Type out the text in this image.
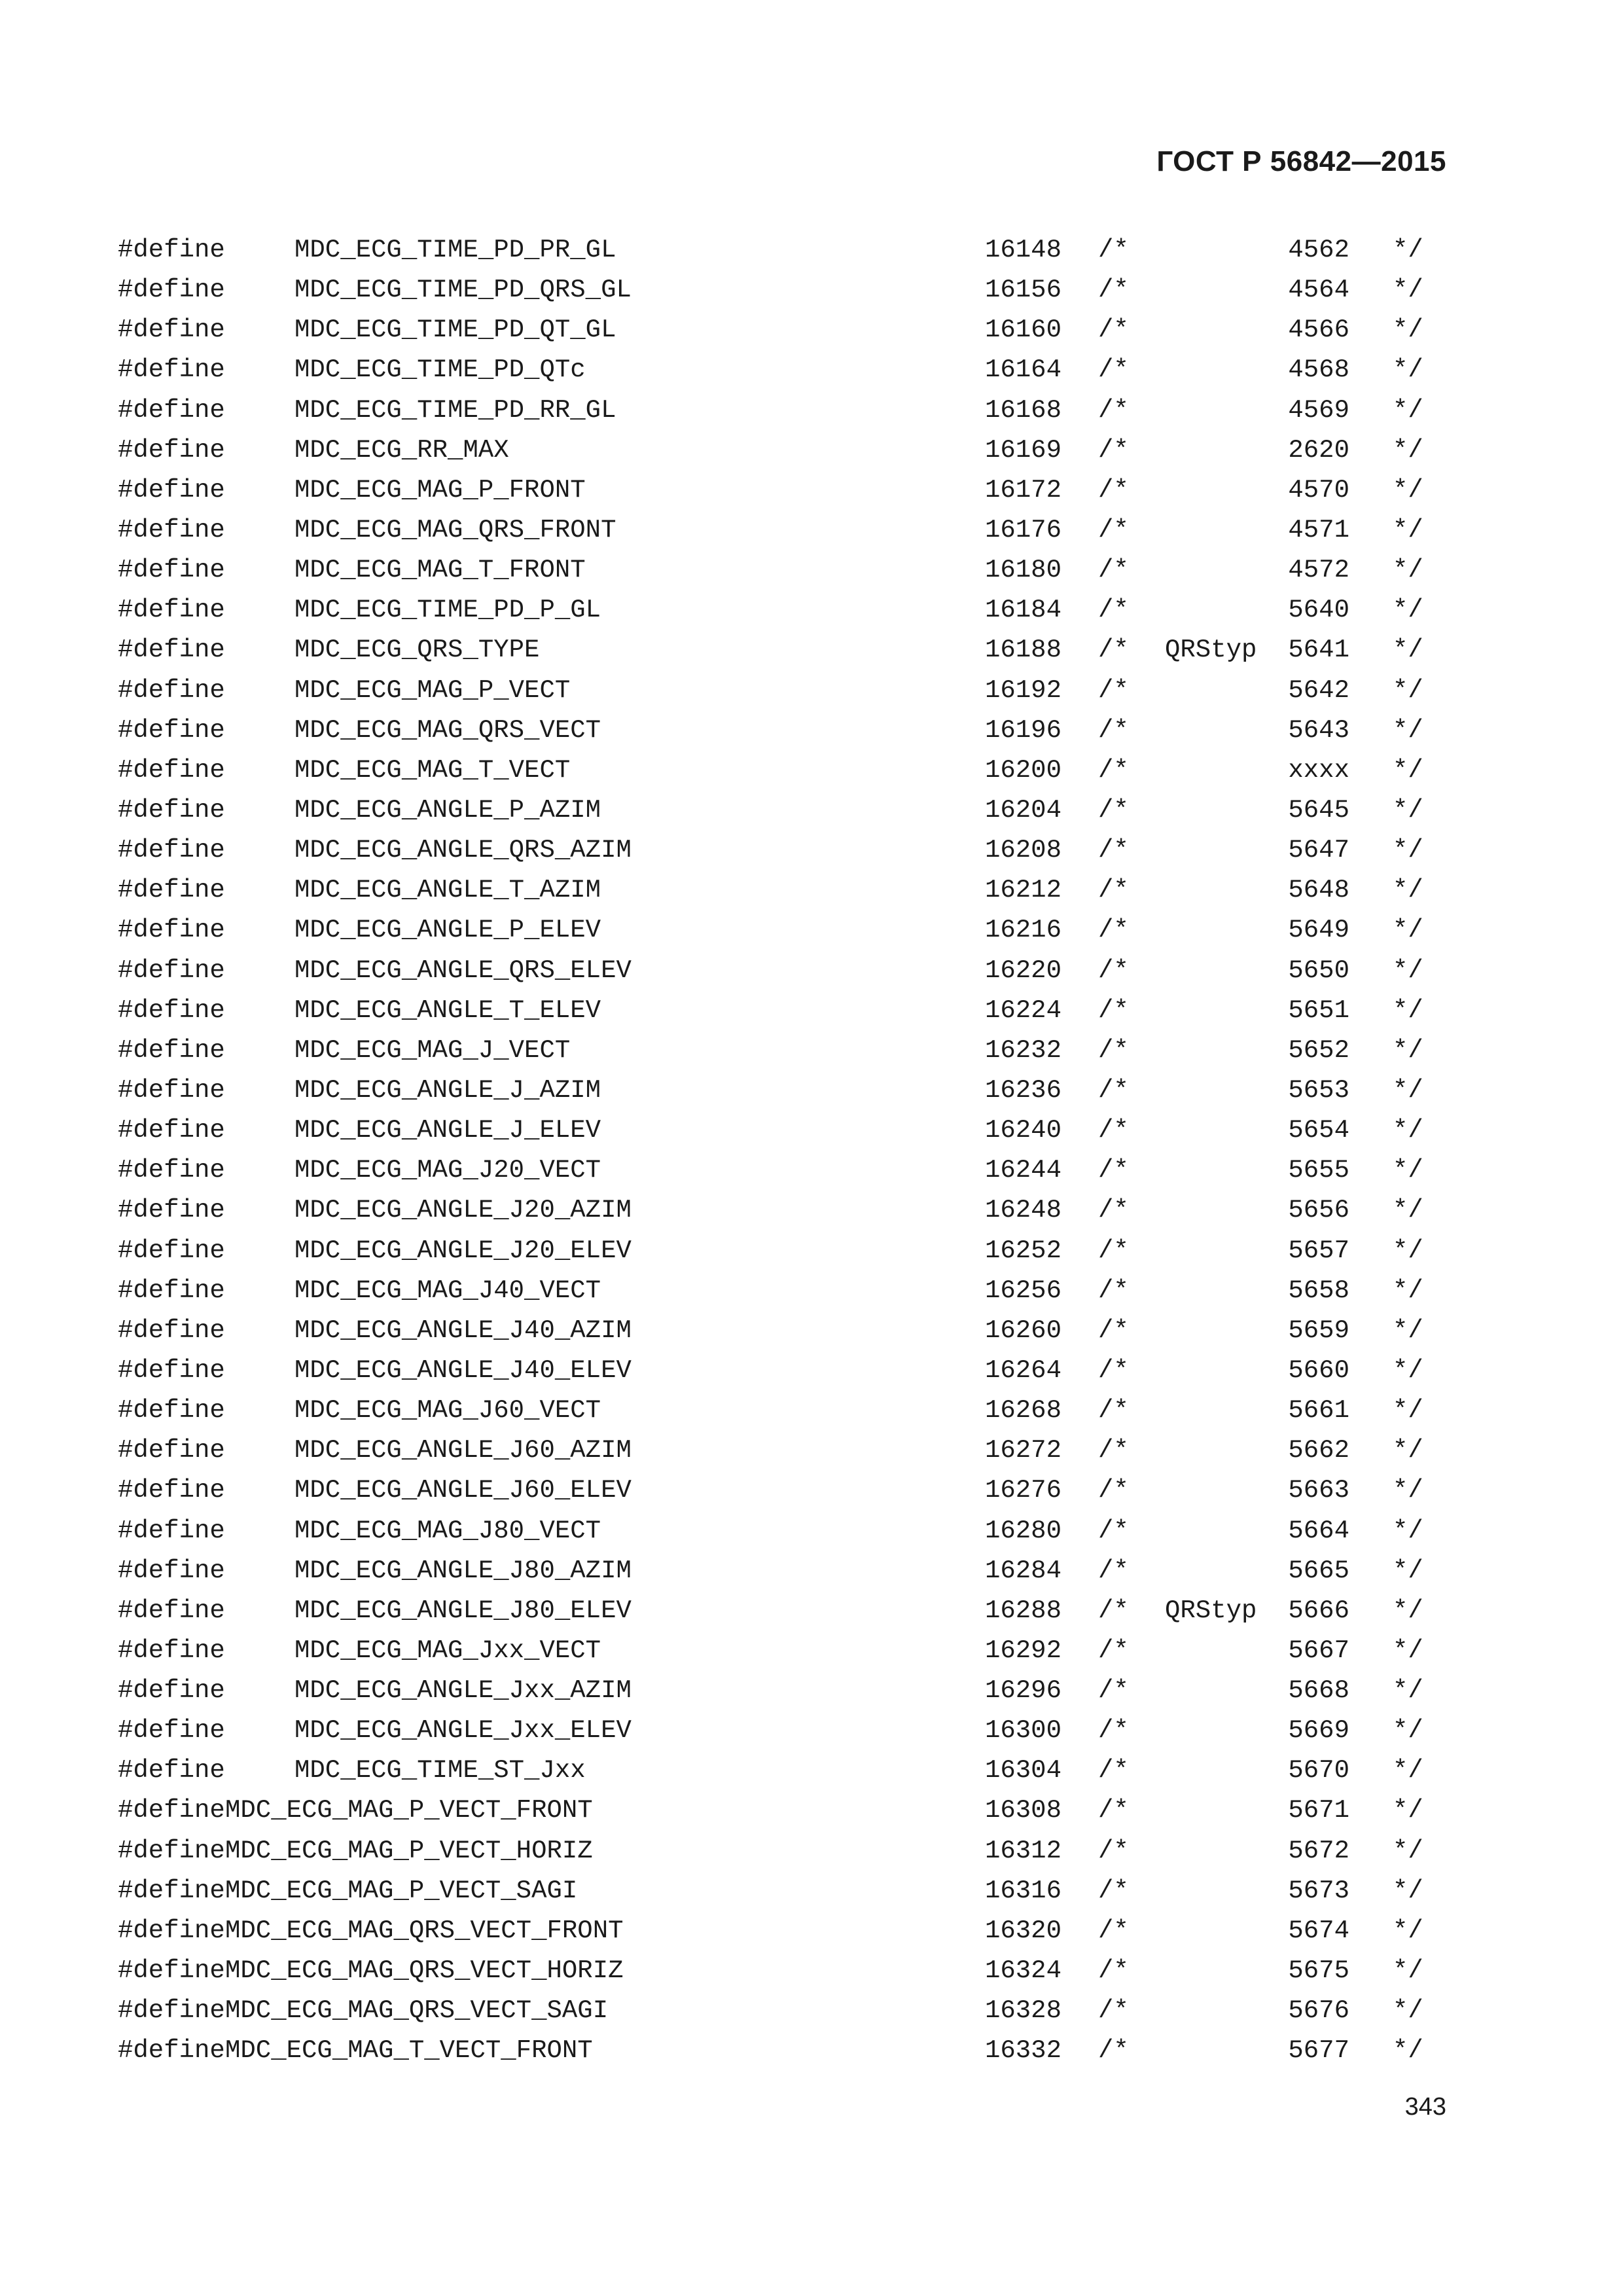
ГОСТ Р 56842—2015
#define	MDC_ECG_TIME_PD_PR_GL	16148 /*	4562 */
#define	MDC_ECG_TIME_PD_QRS_GL	16156 /*	4564 */
#define	MDC_ECG_TIME_PD_QT_GL	16160 /*	4566 */
#define	MDC_ECG_TIME_PD_QTc	16164 /*	4568 */
#define	MDC_ECG_TIME_PD_RR_GL	16168 /*	4569 */
#define	MDC_ECG_RR_MAX	16169 /*	2620 */
#define	MDC_ECG_MAG_P_FRONT	16172 /*	4570 */
#define	MDC_ECG_MAG_QRS_FRONT	16176 /*	4571 */
#define	MDC_ECG_MAG_T_FRONT	16180 /*	4572 */
#define	MDC_ECG_TIME_PD_P_GL	16184 /*	5640 */
#define	MDC_ECG_QRS_TYPE	16188 /* QRStyp 5641 */
#define	MDC_ECG_MAG_P_VECT	16192 /*	5642 */
#define	MDC_ECG_MAG_QRS_VECT	16196 /*	5643 */
#define	MDC_ECG_MAG_T_VECT	16200 /*	xxxx */
#define	MDC_ECG_ANGLE_P_AZIM	16204 /*	5645 */
#define	MDC_ECG_ANGLE_QRS_AZIM	16208 /*	5647 */
#define	MDC_ECG_ANGLE_T_AZIM	16212 /*	5648 */
#define	MDC_ECG_ANGLE_P_ELEV	16216 /*	5649 */
#define	MDC_ECG_ANGLE_QRS_ELEV	16220 /*	5650 */
#define	MDC_ECG_ANGLE_T_ELEV	16224 /*	5651 */
#define	MDC_ECG_MAG_J_VECT	16232 /*	5652 */
#define	MDC_ECG_ANGLE_J_AZIM	16236 /*	5653 */
#define	MDC_ECG_ANGLE_J_ELEV	16240 /*	5654 */
#define	MDC_ECG_MAG_J20_VECT	16244 /*	5655 */
#define	MDC_ECG_ANGLE_J20_AZIM	16248 /*	5656 */
#define	MDC_ECG_ANGLE_J20_ELEV	16252 /*	5657 */
#define	MDC_ECG_MAG_J40_VECT	16256 /*	5658 */
#define	MDC_ECG_ANGLE_J40_AZIM	16260 /*	5659 */
#define	MDC_ECG_ANGLE_J40_ELEV	16264 /*	5660 */
#define	MDC_ECG_MAG_J60_VECT	16268 /*	5661 */
#define	MDC_ECG_ANGLE_J60_AZIM	16272 /*	5662 */
#define	MDC_ECG_ANGLE_J60_ELEV	16276 /*	5663 */
#define	MDC_ECG_MAG_J80_VECT	16280 /*	5664 */
#define	MDC_ECG_ANGLE_J80_AZIM	16284 /*	5665 */
#define	MDC_ECG_ANGLE_J80_ELEV	16288 /* QRStyp 5666 */
#define	MDC_ECG_MAG_Jxx_VECT	16292 /*	5667 */
#define	MDC_ECG_ANGLE_Jxx_AZIM	16296 /*	5668 */
#define	MDC_ECG_ANGLE_Jxx_ELEV	16300 /*	5669 */
#define	MDC_ECG_TIME_ST_Jxx	16304 /*	5670 */
#define MDC_ECG_MAG_P_VECT_FRONT	16308 /*	5671 */
#define MDC_ECG_MAG_P_VECT_HORIZ	16312 /*	5672 */
#define MDC_ECG_MAG_P_VECT_SAGI	16316 /*	5673 */
#define MDC_ECG_MAG_QRS_VECT_FRONT	16320 /*	5674 */
#define MDC_ECG_MAG_QRS_VECT_HORIZ	16324 /*	5675 */
#define MDC_ECG_MAG_QRS_VECT_SAGI	16328 /*	5676 */
#define MDC_ECG_MAG_T_VECT_FRONT	16332 /*	5677 */
343
